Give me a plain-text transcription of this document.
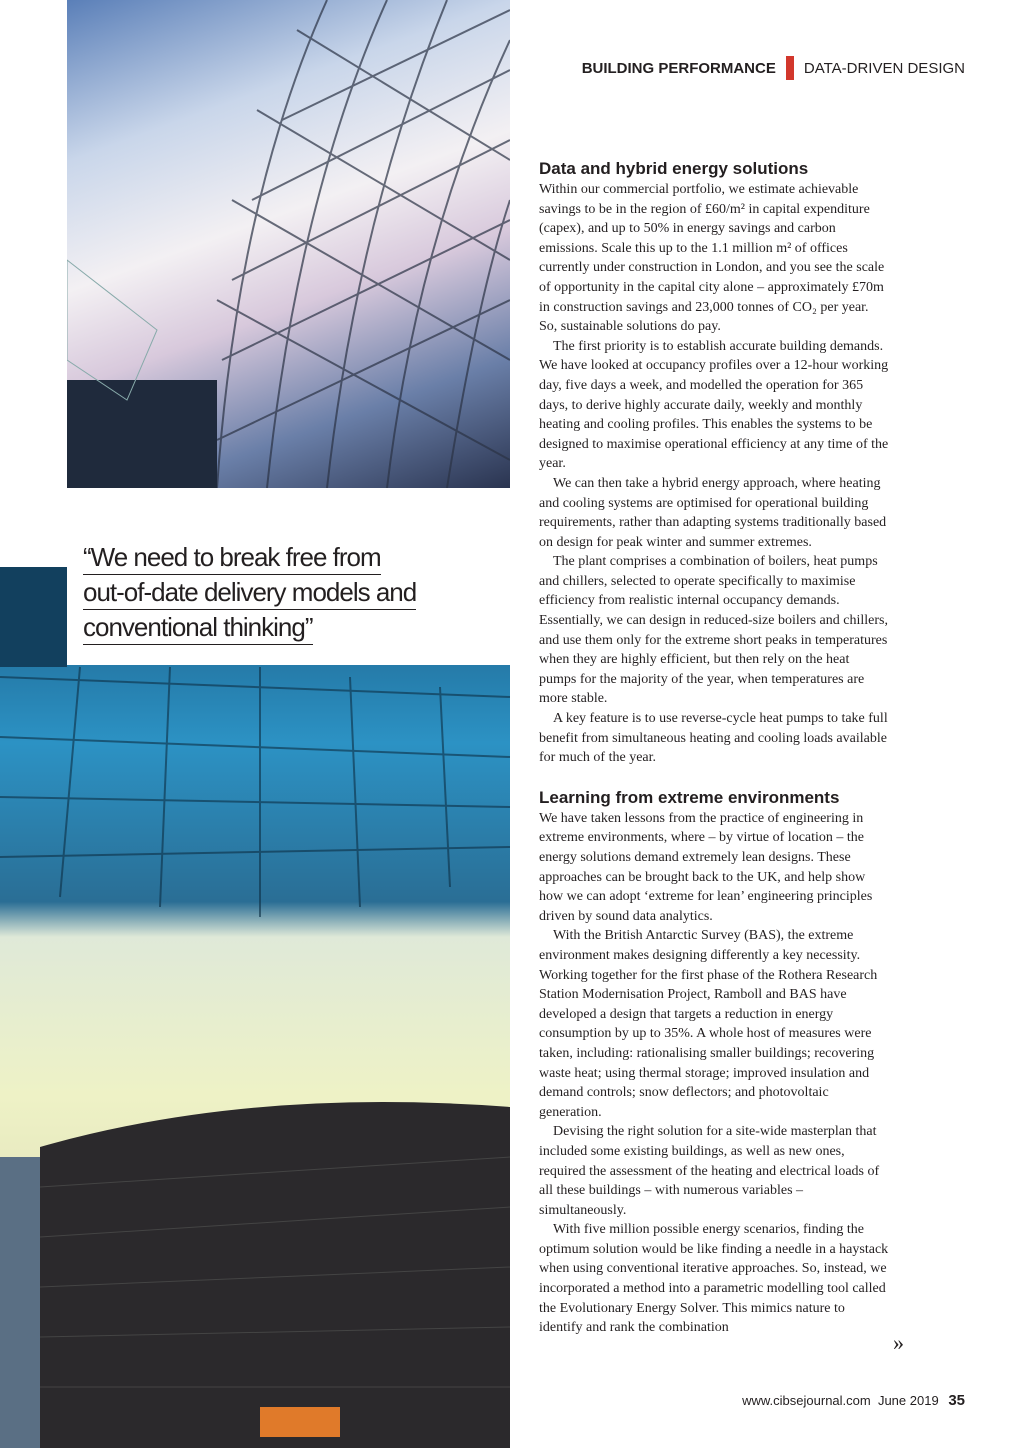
“We need to break free from
out-of-date delivery models and
conventional thinking”
BUILDING PERFORMANCE DATA-DRIVEN DESIGN
Data and hybrid energy solutions

Within our commercial portfolio, we estimate achievable savings to be in the region of £60/m² in capital expenditure (capex), and up to 50% in energy savings and carbon emissions. Scale this up to the 1.1 million m² of offices currently under construction in London, and you see the scale of opportunity in the capital city alone – approximately £70m in construction savings and 23,000 tonnes of CO₂ per year. So, sustainable solutions do pay.

The first priority is to establish accurate building demands. We have looked at occupancy profiles over a 12-hour working day, five days a week, and modelled the operation for 365 days, to derive highly accurate daily, weekly and monthly heating and cooling profiles. This enables the systems to be designed to maximise operational efficiency at any time of the year.

We can then take a hybrid energy approach, where heating and cooling systems are optimised for operational building requirements, rather than adapting systems traditionally based on design for peak winter and summer extremes.

The plant comprises a combination of boilers, heat pumps and chillers, selected to operate specifically to maximise efficiency from realistic internal occupancy demands. Essentially, we can design in reduced-size boilers and chillers, and use them only for the extreme short peaks in temperatures when they are highly efficient, but then rely on the heat pumps for the majority of the year, when temperatures are more stable.

A key feature is to use reverse-cycle heat pumps to take full benefit from simultaneous heating and cooling loads available for much of the year.

Learning from extreme environments

We have taken lessons from the practice of engineering in extreme environments, where – by virtue of location – the energy solutions demand extremely lean designs. These approaches can be brought back to the UK, and help show how we can adopt ‘extreme for lean’ engineering principles driven by sound data analytics.

With the British Antarctic Survey (BAS), the extreme environment makes designing differently a key necessity. Working together for the first phase of the Rothera Research Station Modernisation Project, Ramboll and BAS have developed a design that targets a reduction in energy consumption by up to 35%. A whole host of measures were taken, including: rationalising smaller buildings; recovering waste heat; using thermal storage; improved insulation and demand controls; snow deflectors; and photovoltaic generation.

Devising the right solution for a site-wide masterplan that included some existing buildings, as well as new ones, required the assessment of the heating and electrical loads of all these buildings – with numerous variables – simultaneously.

With five million possible energy scenarios, finding the optimum solution would be like finding a needle in a haystack when using conventional iterative approaches. So, instead, we incorporated a method into a parametric modelling tool called the Evolutionary Energy Solver. This mimics nature to identify and rank the combination

»
www.cibsejournal.com June 2019 35
